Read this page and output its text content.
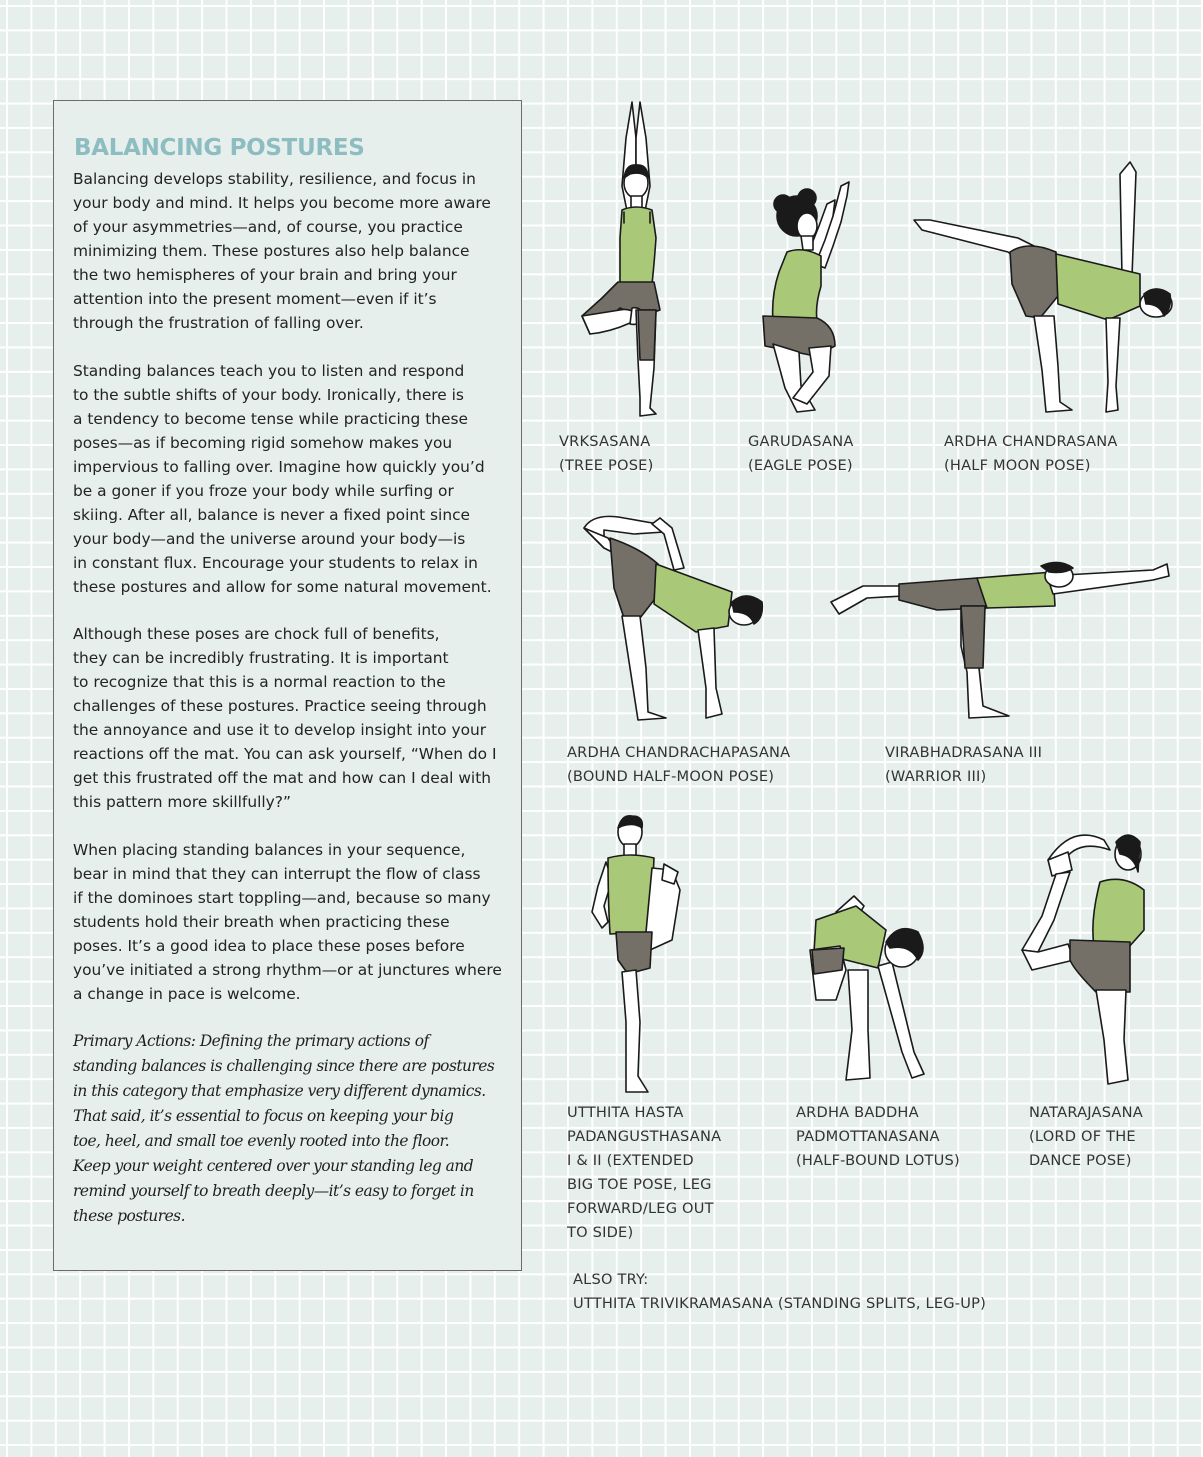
BALANCING POSTURES

Balancing develops stability, resilience, and focus in
your body and mind. It helps you become more aware
of your asymmetries—and, of course, you practice
minimizing them. These postures also help balance
the two hemispheres of your brain and bring your
attention into the present moment—even if it’s
through the frustration of falling over.

Standing balances teach you to listen and respond
to the subtle shifts of your body. Ironically, there is
a tendency to become tense while practicing these
poses—as if becoming rigid somehow makes you
impervious to falling over. Imagine how quickly you’d
be a goner if you froze your body while surfing or
skiing. After all, balance is never a fixed point since
your body—and the universe around your body—is
in constant flux. Encourage your students to relax in
these postures and allow for some natural movement.

Although these poses are chock full of benefits,
they can be incredibly frustrating. It is important
to recognize that this is a normal reaction to the
challenges of these postures. Practice seeing through
the annoyance and use it to develop insight into your
reactions off the mat. You can ask yourself, “When do I
get this frustrated off the mat and how can I deal with
this pattern more skillfully?”

When placing standing balances in your sequence,
bear in mind that they can interrupt the flow of class
if the dominoes start toppling—and, because so many
students hold their breath when practicing these
poses. It’s a good idea to place these poses before
you’ve initiated a strong rhythm—or at junctures where
a change in pace is welcome.

Primary Actions: Defining the primary actions of
standing balances is challenging since there are postures
in this category that emphasize very different dynamics.
That said, it’s essential to focus on keeping your big
toe, heel, and small toe evenly rooted into the floor.
Keep your weight centered over your standing leg and
remind yourself to breath deeply—it’s easy to forget in
these postures.

VRKSASANA
(TREE POSE)
GARUDASANA
(EAGLE POSE)
ARDHA CHANDRASANA
(HALF MOON POSE)
ARDHA CHANDRACHAPASANA
(BOUND HALF-MOON POSE)
VIRABHADRASANA III
(WARRIOR III)
UTTHITA HASTA
PADANGUSTHASANA
I & II (EXTENDED
BIG TOE POSE, LEG
FORWARD/LEG OUT
TO SIDE)
ARDHA BADDHA
PADMOTTANASANA
(HALF-BOUND LOTUS)
NATARAJASANA
(LORD OF THE
DANCE POSE)
ALSO TRY:
UTTHITA TRIVIKRAMASANA (STANDING SPLITS, LEG-UP)
